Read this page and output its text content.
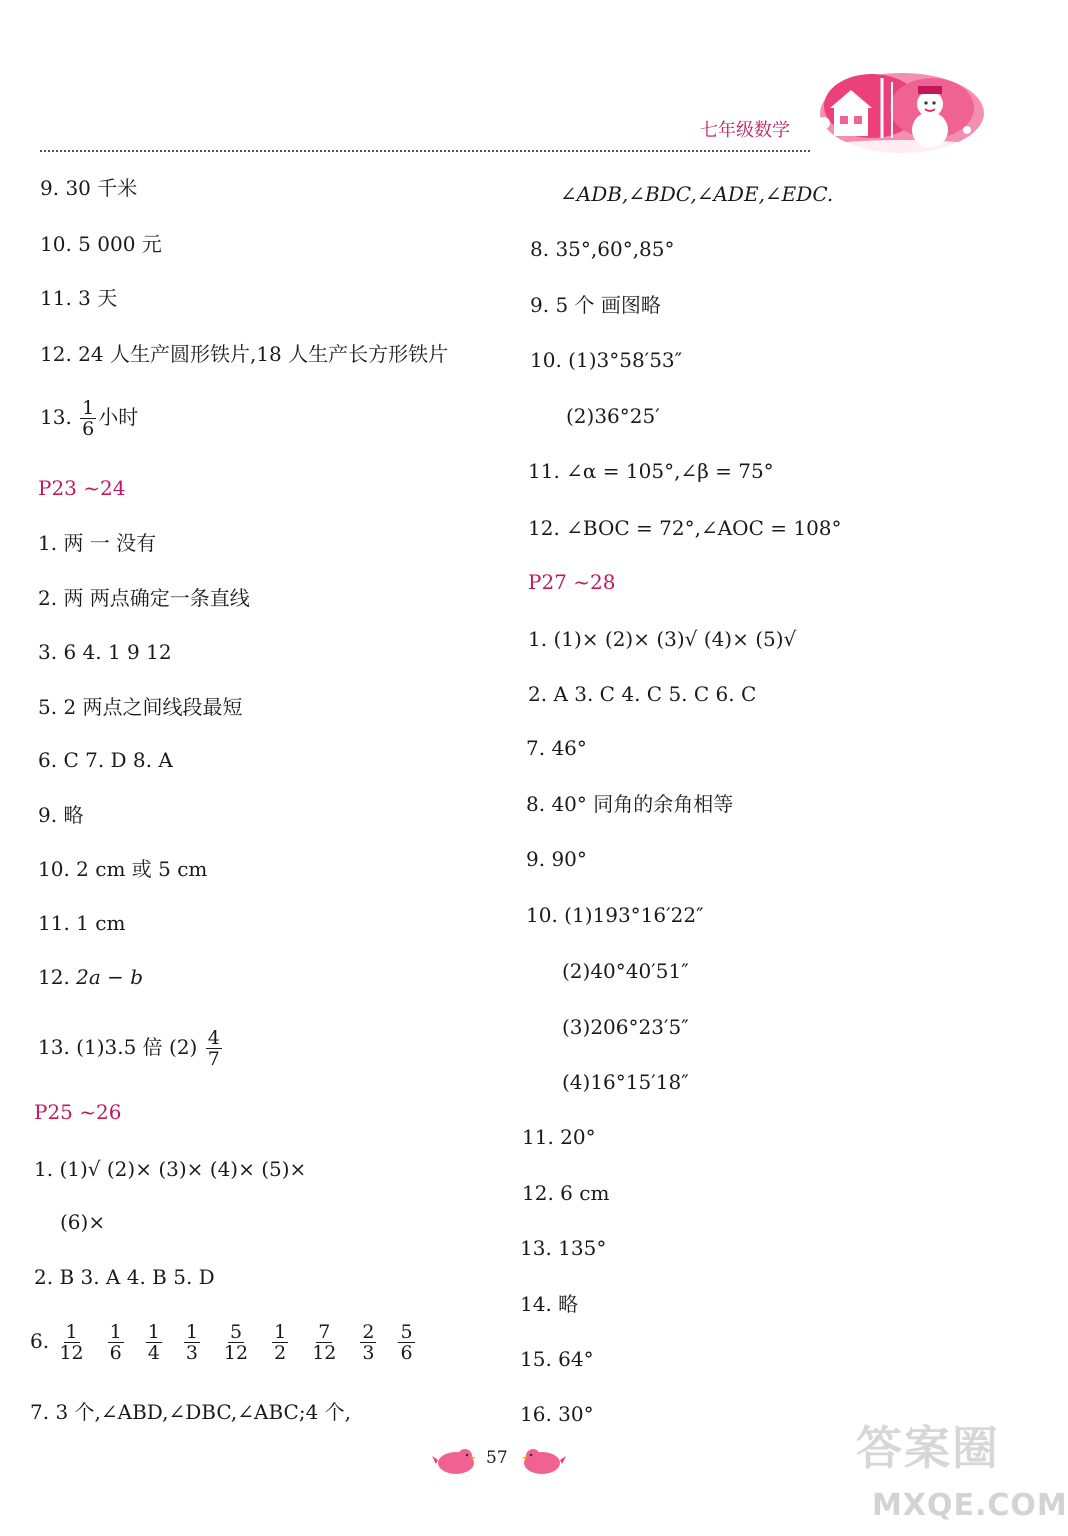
七年级数学
9. 30 千米
10. 5 000 元
11. 3 天
12. 24 人生产圆形铁片,18 人生产长方形铁片
13. $\frac{1}{6}$ 小时
P23 ~24
1. 两 一 没有
2. 两 两点确定一条直线
3. 6 4. 1 9 12
5. 2 两点之间线段最短
6. C 7. D 8. A
9. 略
10. 2 cm 或 5 cm
11. 1 cm
12. 2a − b
13. (1)3.5 倍 $(2) \frac{4}{7}$
P25 ~26
1. (1)√ (2)× (3)× (4)× (5)×
(6)×
2. B 3. A 4. B 5. D
6. $\frac{1}{12} \frac{1}{6} \frac{1}{4} \frac{1}{3} \frac{5}{12} \frac{1}{2} \frac{7}{12} \frac{2}{3} \frac{5}{6}$
7. 3 个,∠ABD,∠DBC,∠ABC;4 个,
∠ADB,∠BDC,∠ADE,∠EDC.
8. 35°,60°,85°
9. 5 个 画图略
10. (1)3°58′53″
(2)36°25′
11. ∠α = 105°,∠β = 75°
12. ∠BOC = 72°,∠AOC = 108°
P27 ~28
1. (1)× (2)× (3)√ (4)× (5)√
2. A 3. C 4. C 5. C 6. C
7. 46°
8. 40° 同角的余角相等
9. 90°
10. (1)193°16′22″
(2)40°40′51″
(3)206°23′5″
(4)16°15′18″
11. 20°
12. 6 cm
13. 135°
14. 略
15. 64°
16. 30°
57	答案圈
MXQE.COM
